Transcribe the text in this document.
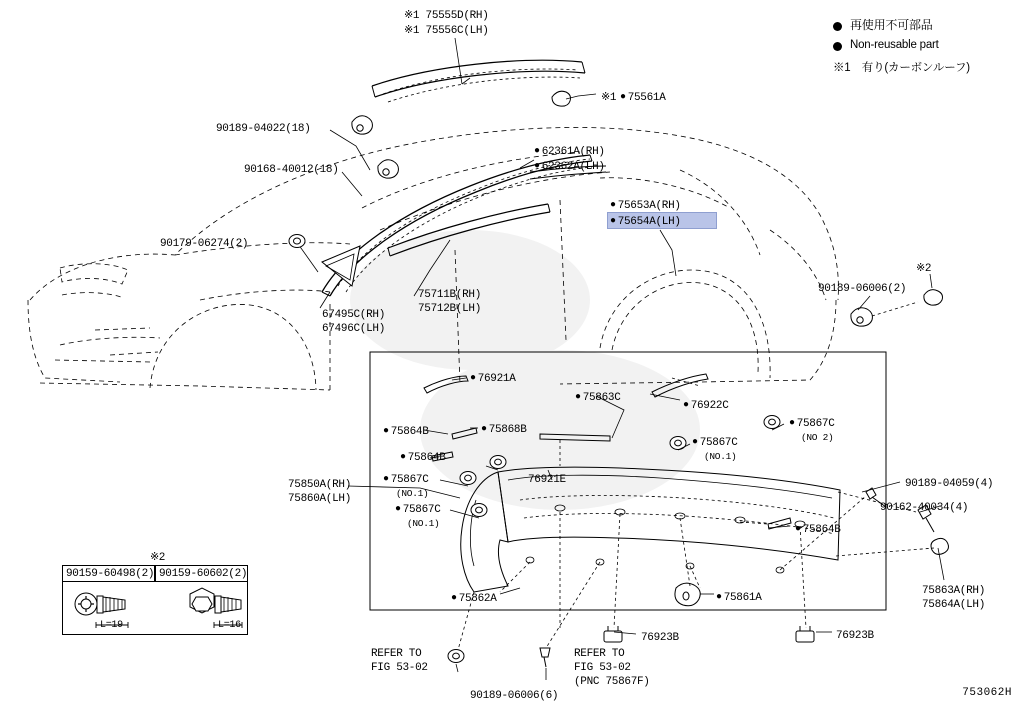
再使用不可部品
Non-reusable part
※1　有り(カーボンルーフ)
※1 75555D(RH)
※1 75556C(LH)
※1	● 75561A
90189-04022(18)
90168-40012(18)
90179-06274(2)
● 62361A(RH)
● 62362A(LH)
● 75653A(RH)
● 75654A(LH)
75711B(RH)
75712B(LH)
67495C(RH)
67496C(LH)
90189-06006(2)
※2
● 76921A
● 75863C
● 76922C
● 75867C
(NO 2)
● 75864B	● 75868B
● 75867C
(NO.1)
● 75864B
76921E
75850A(RH)
75860A(LH)
● 75867C
(NO.1)
● 75867C
(NO.1)
90189-04059(4)
90162-40034(4)
● 75864B
75863A(RH)
75864A(LH)
● 75862A	● 75861A
76923B	76923B
90189-06006(6)
REFER TO
FIG 53-02
REFER TO
FIG 53-02
(PNC 75867F)
※2
90159-60498(2) 90159-60602(2)
L=19	L=16
753062H
